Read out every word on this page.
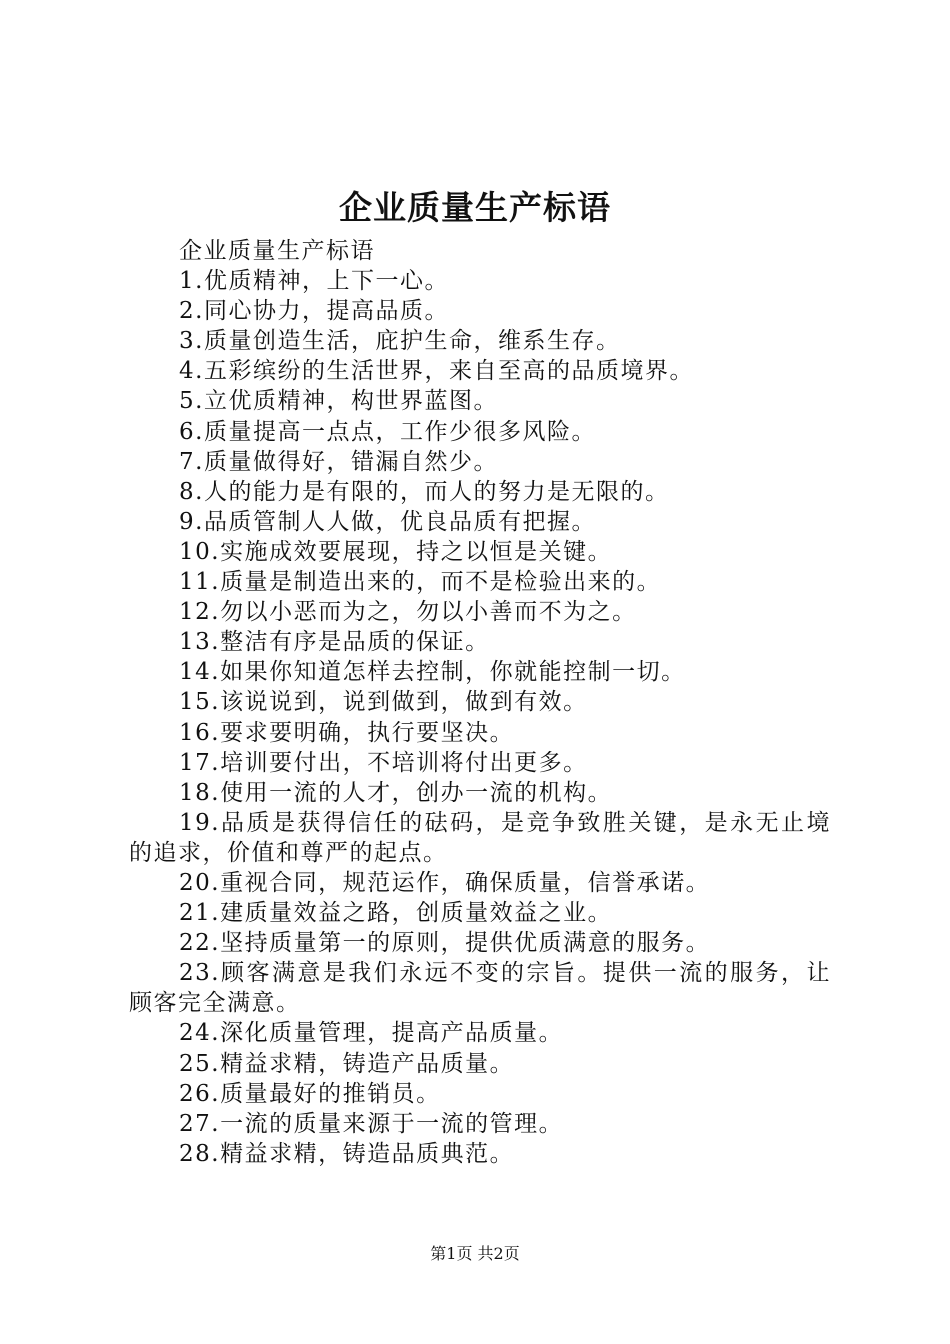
企业质量生产标语

企业质量生产标语

1.优质精神，上下一心。

2.同心协力，提高品质。

3.质量创造生活，庇护生命，维系生存。

4.五彩缤纷的生活世界，来自至高的品质境界。

5.立优质精神，构世界蓝图。

6.质量提高一点点，工作少很多风险。

7.质量做得好，错漏自然少。

8.人的能力是有限的，而人的努力是无限的。

9.品质管制人人做，优良品质有把握。

10.实施成效要展现，持之以恒是关键。

11.质量是制造出来的，而不是检验出来的。

12.勿以小恶而为之，勿以小善而不为之。

13.整洁有序是品质的保证。

14.如果你知道怎样去控制，你就能控制一切。

15.该说说到，说到做到，做到有效。

16.要求要明确，执行要坚决。

17.培训要付出，不培训将付出更多。

18.使用一流的人才，创办一流的机构。

19.品质是获得信任的砝码，是竞争致胜关键，是永无止境的追求，价值和尊严的起点。

20.重视合同，规范运作，确保质量，信誉承诺。

21.建质量效益之路，创质量效益之业。

22.坚持质量第一的原则，提供优质满意的服务。

23.顾客满意是我们永远不变的宗旨。提供一流的服务，让顾客完全满意。

24.深化质量管理，提高产品质量。

25.精益求精，铸造产品质量。

26.质量最好的推销员。

27.一流的质量来源于一流的管理。

28.精益求精，铸造品质典范。

第1页 共2页
